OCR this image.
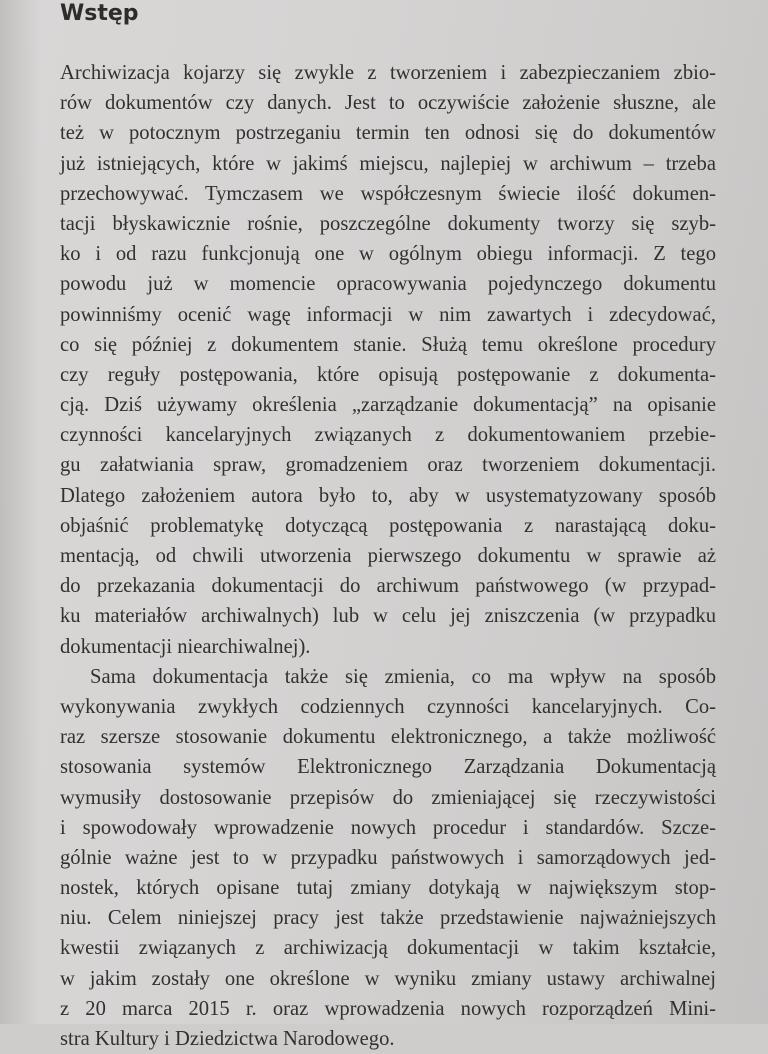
Wstęp
Archiwizacja kojarzy się zwykle z tworzeniem i zabezpieczaniem zbio-
rów dokumentów czy danych. Jest to oczywiście założenie słuszne, ale
też w potocznym postrzeganiu termin ten odnosi się do dokumentów
już istniejących, które w jakimś miejscu, najlepiej w archiwum – trzeba
przechowywać. Tymczasem we współczesnym świecie ilość dokumen-
tacji błyskawicznie rośnie, poszczególne dokumenty tworzy się szyb-
ko i od razu funkcjonują one w ogólnym obiegu informacji. Z tego
powodu już w momencie opracowywania pojedynczego dokumentu
powinniśmy ocenić wagę informacji w nim zawartych i zdecydować,
co się później z dokumentem stanie. Służą temu określone procedury
czy reguły postępowania, które opisują postępowanie z dokumenta-
cją. Dziś używamy określenia „zarządzanie dokumentacją” na opisanie
czynności kancelaryjnych związanych z dokumentowaniem przebie-
gu załatwiania spraw, gromadzeniem oraz tworzeniem dokumentacji.
Dlatego założeniem autora było to, aby w usystematyzowany sposób
objaśnić problematykę dotyczącą postępowania z narastającą doku-
mentacją, od chwili utworzenia pierwszego dokumentu w sprawie aż
do przekazania dokumentacji do archiwum państwowego (w przypad-
ku materiałów archiwalnych) lub w celu jej zniszczenia (w przypadku
dokumentacji niearchiwalnej).
Sama dokumentacja także się zmienia, co ma wpływ na sposób
wykonywania zwykłych codziennych czynności kancelaryjnych. Co-
raz szersze stosowanie dokumentu elektronicznego, a także możliwość
stosowania systemów Elektronicznego Zarządzania Dokumentacją
wymusiły dostosowanie przepisów do zmieniającej się rzeczywistości
i spowodowały wprowadzenie nowych procedur i standardów. Szcze-
gólnie ważne jest to w przypadku państwowych i samorządowych jed-
nostek, których opisane tutaj zmiany dotykają w największym stop-
niu. Celem niniejszej pracy jest także przedstawienie najważniejszych
kwestii związanych z archiwizacją dokumentacji w takim kształcie,
w jakim zostały one określone w wyniku zmiany ustawy archiwalnej
z 20 marca 2015 r. oraz wprowadzenia nowych rozporządzeń Mini-
stra Kultury i Dziedzictwa Narodowego.
